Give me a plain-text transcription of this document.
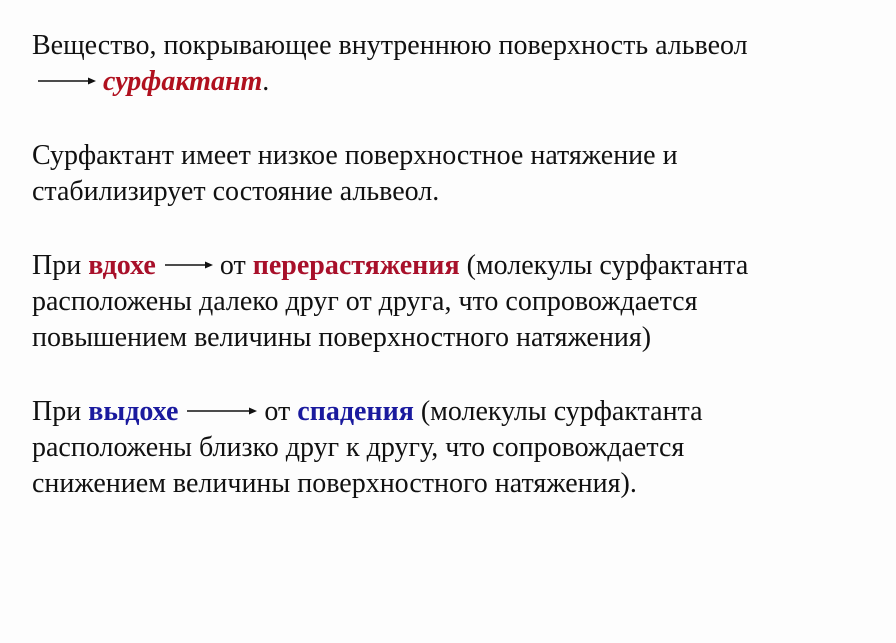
Вещество, покрывающее внутреннюю поверхность альвеол

сурфактант.

Сурфактант имеет низкое поверхностное натяжение и

стабилизирует состояние альвеол.

При вдохе от перерастяжения (молекулы сурфактанта

расположены далеко друг от друга, что сопровождается

повышением величины поверхностного натяжения)

При выдохе	от спадения (молекулы сурфактанта

расположены близко друг к другу, что сопровождается

снижением величины поверхностного натяжения).
